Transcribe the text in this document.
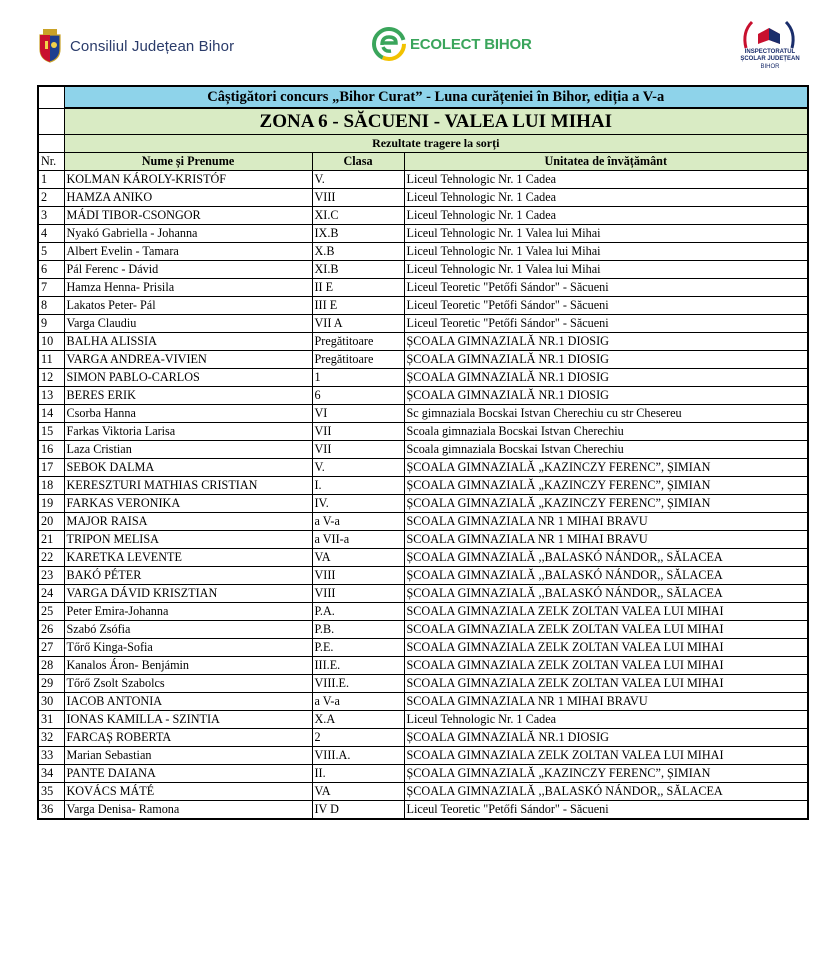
Consiliul Județean Bihor	ECOLECT BIHOR	INSPECTORATUL
ȘCOLAR JUDEȚEAN
BIHOR
	Câștigători concurs „Bihor Curat” - Luna curățeniei în Bihor, ediția a V-a		
	ZONA 6 - SĂCUENI - VALEA LUI MIHAI		
	Rezultate tragere la sorți		
Nr.	Nume și Prenume	Clasa	Unitatea de învățământ
1	KOLMAN KÁROLY-KRISTÓF	V.	Liceul Tehnologic Nr. 1 Cadea
2	HAMZA ANIKO	VIII	Liceul Tehnologic Nr. 1 Cadea
3	MÁDI TIBOR-CSONGOR	XI.C	Liceul Tehnologic Nr. 1 Cadea
4	Nyakó Gabriella - Johanna	IX.B	Liceul Tehnologic Nr. 1 Valea lui Mihai
5	Albert Evelin - Tamara	X.B	Liceul Tehnologic Nr. 1 Valea lui Mihai
6	Pál Ferenc - Dávid	XI.B	Liceul Tehnologic Nr. 1 Valea lui Mihai
7	Hamza Henna- Prisila	II E	Liceul Teoretic "Petőfi Sándor" - Săcueni
8	Lakatos Peter- Pál	III E	Liceul Teoretic "Petőfi Sándor" - Săcueni
9	Varga Claudiu	VII A	Liceul Teoretic "Petőfi Sándor" - Săcueni
10	BALHA ALISSIA	Pregătitoare	ȘCOALA GIMNAZIALĂ NR.1 DIOSIG
11	VARGA ANDREA-VIVIEN	Pregătitoare	ȘCOALA GIMNAZIALĂ NR.1 DIOSIG
12	SIMON PABLO-CARLOS	1	ȘCOALA GIMNAZIALĂ NR.1 DIOSIG
13	BERES ERIK	6	ȘCOALA GIMNAZIALĂ NR.1 DIOSIG
14	Csorba Hanna	VI	Sc gimnaziala Bocskai Istvan Cherechiu cu str Chesereu
15	Farkas Viktoria Larisa	VII	Scoala gimnaziala Bocskai Istvan Cherechiu
16	Laza Cristian	VII	Scoala gimnaziala Bocskai Istvan Cherechiu
17	SEBOK DALMA	V.	ȘCOALA GIMNAZIALĂ „KAZINCZY FERENC”, ȘIMIAN
18	KERESZTURI MATHIAS CRISTIAN	I.	ȘCOALA GIMNAZIALĂ „KAZINCZY FERENC”, ȘIMIAN
19	FARKAS VERONIKA	IV.	ȘCOALA GIMNAZIALĂ „KAZINCZY FERENC”, ȘIMIAN
20	MAJOR RAISA	a V-a	SCOALA GIMNAZIALA NR 1 MIHAI BRAVU
21	TRIPON MELISA	a VII-a	SCOALA GIMNAZIALA NR 1 MIHAI BRAVU
22	KARETKA LEVENTE	VA	ȘCOALA GIMNAZIALĂ ,,BALASKÓ NÁNDOR,, SĂLACEA
23	BAKÓ PÉTER	VIII	ȘCOALA GIMNAZIALĂ ,,BALASKÓ NÁNDOR,, SĂLACEA
24	VARGA DÁVID KRISZTIAN	VIII	ȘCOALA GIMNAZIALĂ ,,BALASKÓ NÁNDOR,, SĂLACEA
25	Peter Emira-Johanna	P.A.	SCOALA GIMNAZIALA ZELK ZOLTAN VALEA LUI MIHAI
26	Szabó Zsófia	P.B.	SCOALA GIMNAZIALA ZELK ZOLTAN VALEA LUI MIHAI
27	Tőrő Kinga-Sofia	P.E.	SCOALA GIMNAZIALA ZELK ZOLTAN VALEA LUI MIHAI
28	Kanalos Áron- Benjámin	III.E.	SCOALA GIMNAZIALA ZELK ZOLTAN VALEA LUI MIHAI
29	Tőrő Zsolt Szabolcs	VIII.E.	SCOALA GIMNAZIALA ZELK ZOLTAN VALEA LUI MIHAI
30	IACOB ANTONIA	a V-a	SCOALA GIMNAZIALA NR 1 MIHAI BRAVU
31	IONAS KAMILLA - SZINTIA	X.A	Liceul Tehnologic Nr. 1 Cadea
32	FARCAȘ ROBERTA	2	ȘCOALA GIMNAZIALĂ NR.1 DIOSIG
33	Marian Sebastian	VIII.A.	SCOALA GIMNAZIALA ZELK ZOLTAN VALEA LUI MIHAI
34	PANTE DAIANA	II.	ȘCOALA GIMNAZIALĂ „KAZINCZY FERENC”, ȘIMIAN
35	KOVÁCS MÁTÉ	VA	ȘCOALA GIMNAZIALĂ ,,BALASKÓ NÁNDOR,, SĂLACEA
36	Varga Denisa- Ramona	IV D	Liceul Teoretic "Petőfi Sándor" - Săcueni
